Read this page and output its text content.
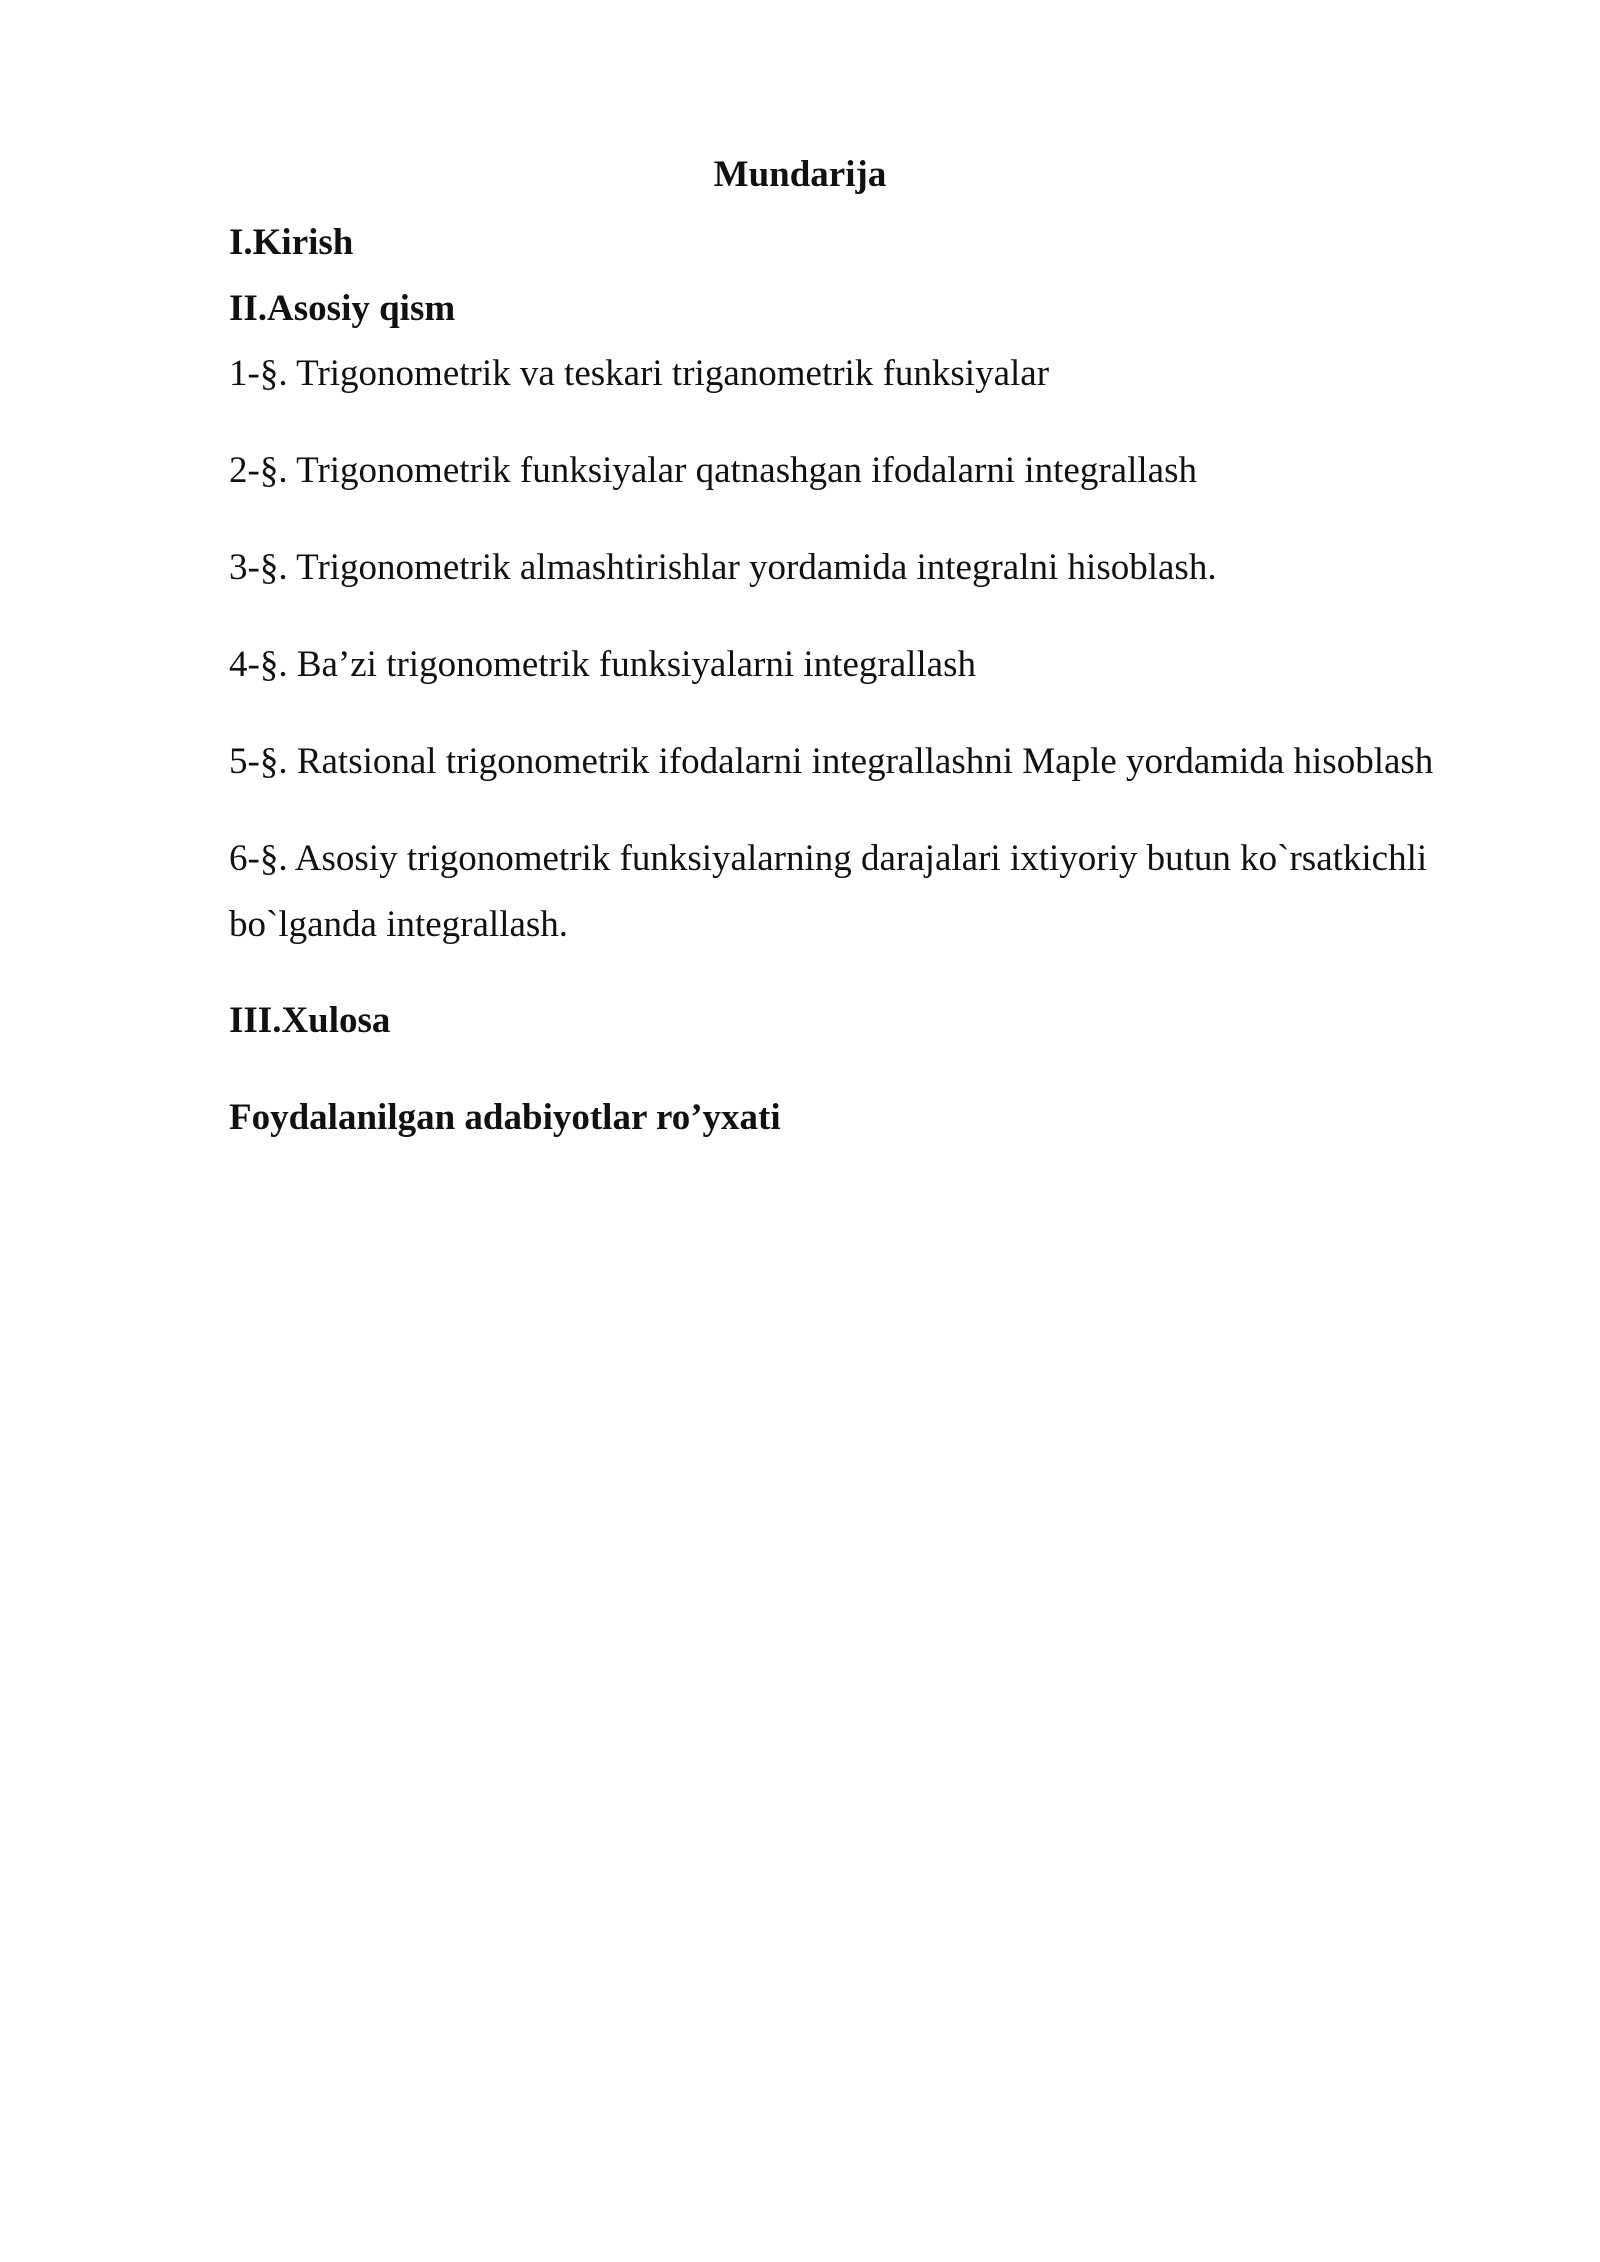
Mundarija
I.Kirish
II.Asosiy qism
1-§. Trigonometrik va teskari triganometrik funksiyalar
2-§. Trigonometrik funksiyalar qatnashgan ifodalarni integrallash
3-§. Trigonometrik almashtirishlar yordamida integralni hisoblash.
4-§. Ba’zi trigonometrik funksiyalarni integrallash
5-§. Ratsional trigonometrik ifodalarni integrallashni Maple yordamida hisoblash
6-§. Asosiy trigonometrik funksiyalarning darajalari ixtiyoriy butun ko`rsatkichli bo`lganda integrallash.
III.Xulosa
Foydalanilgan adabiyotlar ro’yxati
